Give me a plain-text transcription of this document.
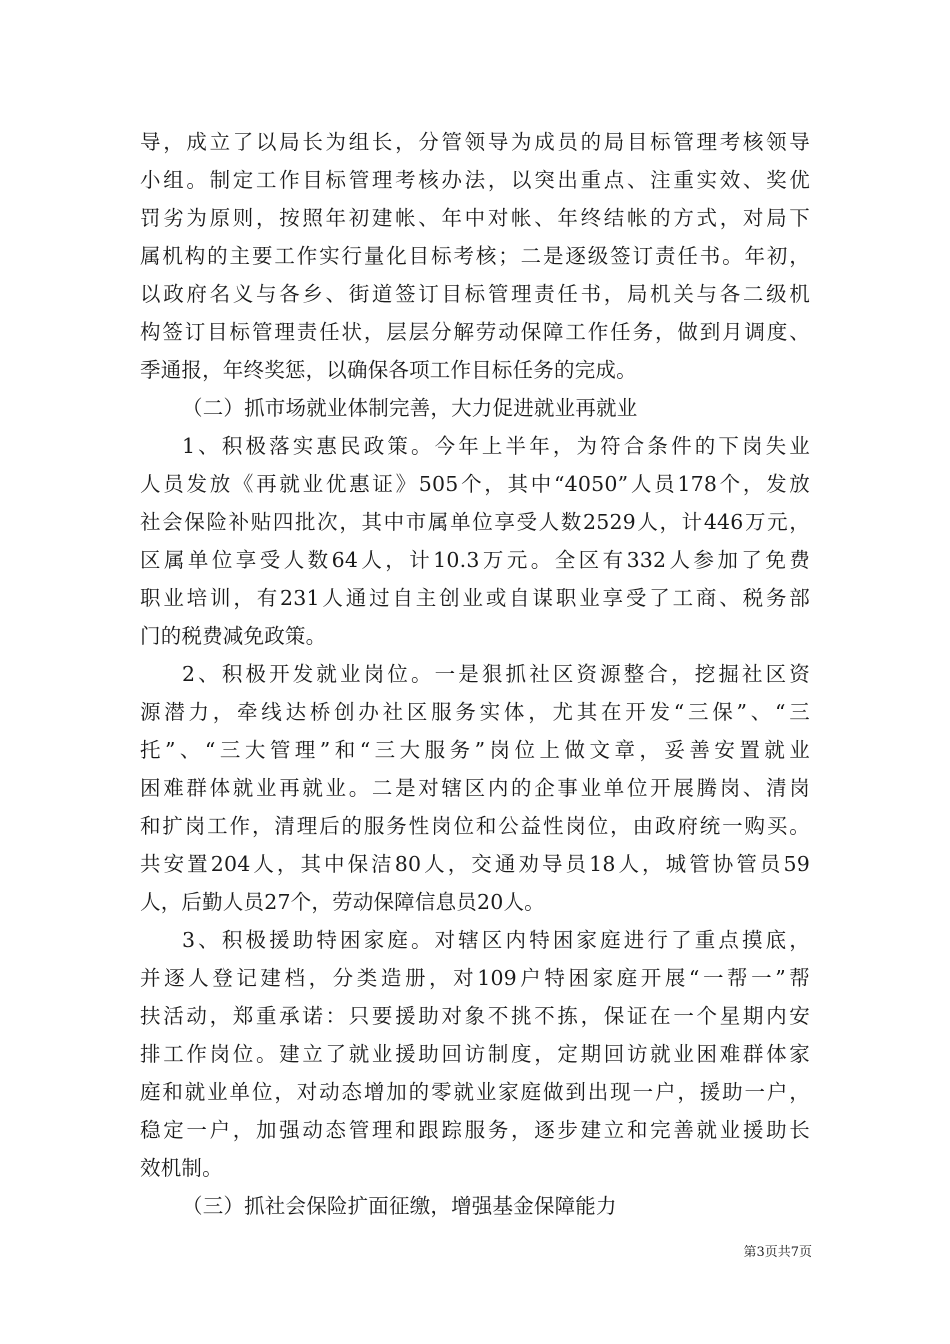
导，成立了以局长为组长，分管领导为成员的局目标管理考核领导
小组。制定工作目标管理考核办法，以突出重点、注重实效、奖优
罚劣为原则，按照年初建帐、年中对帐、年终结帐的方式，对局下
属机构的主要工作实行量化目标考核；二是逐级签订责任书。年初，
以政府名义与各乡、街道签订目标管理责任书，局机关与各二级机
构签订目标管理责任状，层层分解劳动保障工作任务，做到月调度、
季通报，年终奖惩，以确保各项工作目标任务的完成。
（二）抓市场就业体制完善，大力促进就业再就业
1、积极落实惠民政策。今年上半年，为符合条件的下岗失业
人员发放《再就业优惠证》505个，其中“4050”人员178个，发放
社会保险补贴四批次，其中市属单位享受人数2529人，计446万元，
区属单位享受人数64人，计10.3万元。全区有332人参加了免费
职业培训，有231人通过自主创业或自谋职业享受了工商、税务部
门的税费减免政策。
2、积极开发就业岗位。一是狠抓社区资源整合，挖掘社区资
源潜力，牵线达桥创办社区服务实体，尤其在开发“三保”、“三
托”、“三大管理”和“三大服务”岗位上做文章，妥善安置就业
困难群体就业再就业。二是对辖区内的企事业单位开展腾岗、清岗
和扩岗工作，清理后的服务性岗位和公益性岗位，由政府统一购买。
共安置204人，其中保洁80人，交通劝导员18人，城管协管员59
人，后勤人员27个，劳动保障信息员20人。
3、积极援助特困家庭。对辖区内特困家庭进行了重点摸底，
并逐人登记建档，分类造册，对109户特困家庭开展“一帮一”帮
扶活动，郑重承诺：只要援助对象不挑不拣，保证在一个星期内安
排工作岗位。建立了就业援助回访制度，定期回访就业困难群体家
庭和就业单位，对动态增加的零就业家庭做到出现一户，援助一户，
稳定一户，加强动态管理和跟踪服务，逐步建立和完善就业援助长
效机制。
（三）抓社会保险扩面征缴，增强基金保障能力
第3页共7页
